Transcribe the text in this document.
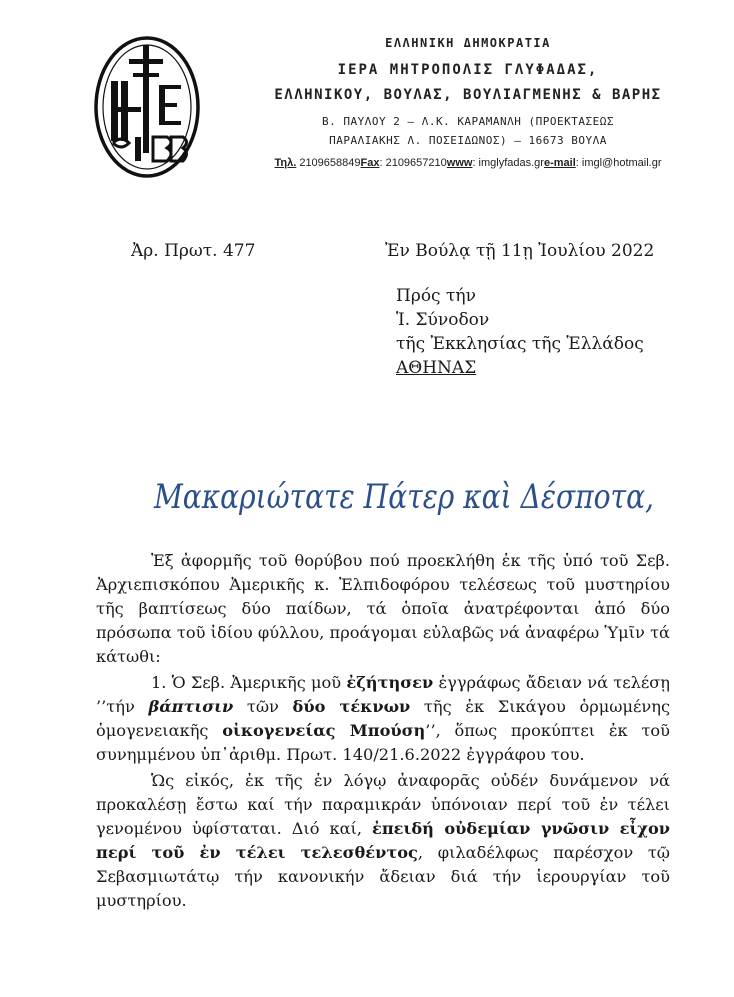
ΕΛΛΗΝΙΚΗ ΔΗΜΟΚΡΑΤΙΑ
ΙΕΡΑ ΜΗΤΡΟΠΟΛΙΣ ΓΛΥΦΑΔΑΣ,
ΕΛΛΗΝΙΚΟΥ, ΒΟΥΛΑΣ, ΒΟΥΛΙΑΓΜΕΝΗΣ & ΒΑΡΗΣ
Β. ΠΑΥΛΟΥ 2 – Λ.Κ. ΚΑΡΑΜΑΝΛΗ (ΠΡΟΕΚΤΑΣΕΩΣ
ΠΑΡΑΛΙΑΚΗΣ Λ. ΠΟΣΕΙΔΩΝΟΣ) – 16673 ΒΟΥΛΑ
Τηλ. 2109658849Fax: 2109657210www: imglyfadas.gre-mail: imgl@hotmail.gr
Ἀρ. Πρωτ. 477	Ἐν Βούλᾳ τῇ 11ῃ Ἰουλίου 2022
Πρός τήν
Ἱ. Σύνοδον
τῆς Ἐκκλησίας τῆς Ἑλλάδος
ΑΘΗΝΑΣ
Μακαριώτατε Πάτερ καὶ Δέσποτα,

Ἐξ ἀφορμῆς τοῦ θορύβου πού προεκλήθη ἐκ τῆς ὑπό τοῦ Σεβ. Ἀρχιεπισκόπου Ἀμερικῆς κ. Ἐλπιδοφόρου τελέσεως τοῦ μυστηρίου τῆς βαπτίσεως δύο παίδων, τά ὁποῖα ἀνατρέφονται ἀπό δύο πρόσωπα τοῦ ἰδίου φύλλου, προάγομαι εὐλαβῶς νά ἀναφέρω Ὑμῖν τά κάτωθι:

1. Ὁ Σεβ. Ἀμερικῆς μοῦ ἐζήτησεν ἐγγράφως ἄδειαν νά τελέσῃ ’’τήν βάπτισιν τῶν δύο τέκνων τῆς ἐκ Σικάγου ὁρμωμένης ὁμογενειακῆς οἰκογενείας Μπούση’’, ὅπως προκύπτει ἐκ τοῦ συνημμένου ὑπ᾽ἀριθμ. Πρωτ. 140/21.6.2022 ἐγγράφου του.

Ὡς εἰκός, ἐκ τῆς ἐν λόγῳ ἀναφορᾶς οὐδέν δυνάμενον νά προκαλέσῃ ἔστω καί τήν παραμικράν ὑπόνοιαν περί τοῦ ἐν τέλει γενομένου ὑφίσταται. Διό καί, ἐπειδή οὐδεμίαν γνῶσιν εἶχον περί τοῦ ἐν τέλει τελεσθέντος, φιλαδέλφως παρέσχον τῷ Σεβασμιωτάτῳ τήν κανονικήν ἄδειαν διά τήν ἱερουργίαν τοῦ μυστηρίου.
